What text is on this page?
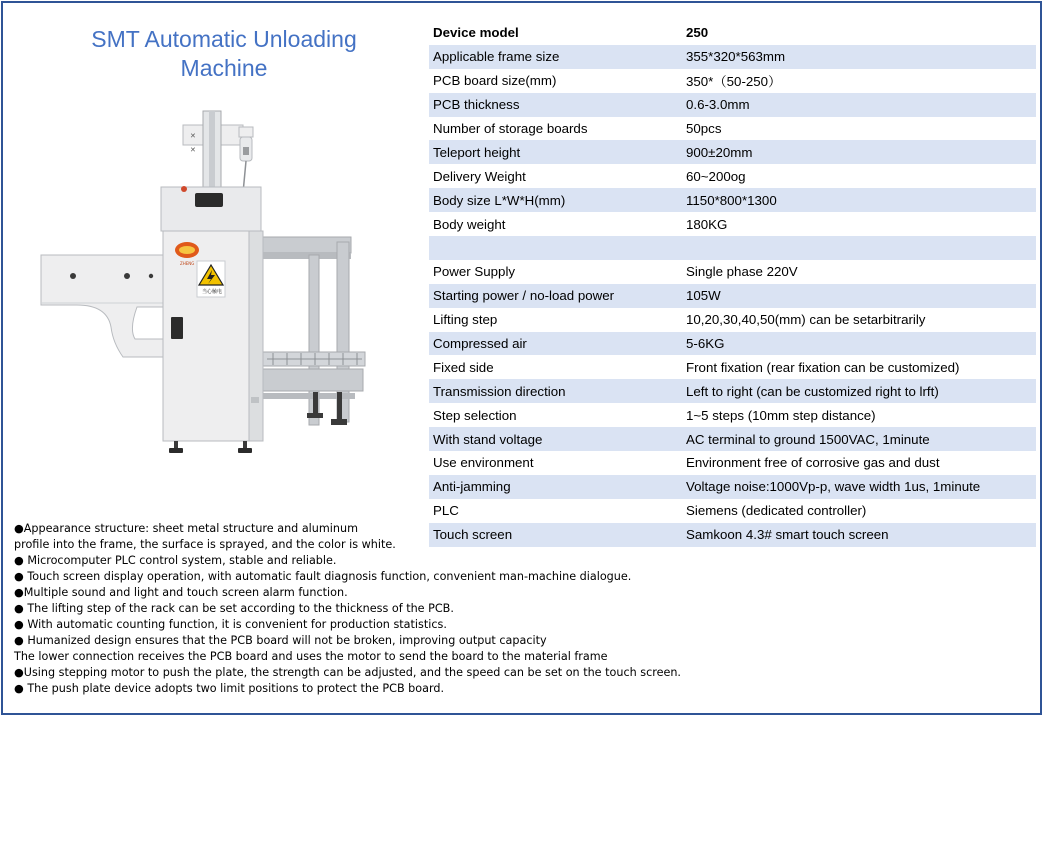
SMT Automatic Unloading
Machine
✕
✕
ZHENG
当心触电
Device model	250
Applicable frame size	355*320*563mm
PCB board size(mm)	350*（50-250）
PCB thickness	0.6-3.0mm
Number of storage boards	50pcs
Teleport height	900±20mm
Delivery Weight	60~200og
Body size L*W*H(mm)	1150*800*1300
Body weight	180KG

Power Supply	Single phase 220V
Starting power / no-load power	105W
Lifting step	10,20,30,40,50(mm) can be setarbitrarily
Compressed air	5-6KG
Fixed side	Front fixation (rear fixation can be customized)
Transmission direction	Left to right (can be customized right to lrft)
Step selection	1~5 steps (10mm step distance)
With stand voltage	AC terminal to ground 1500VAC, 1minute
Use environment	Environment free of corrosive gas and dust
Anti-jamming	Voltage noise:1000Vp-p, wave width 1us, 1minute
PLC	Siemens (dedicated controller)
Touch screen	Samkoon 4.3# smart touch screen
●Appearance structure: sheet metal structure and aluminum
profile into the frame, the surface is sprayed, and the color is white.
● Microcomputer PLC control system, stable and reliable.
● Touch screen display operation, with automatic fault diagnosis function, convenient man-machine dialogue.
●Multiple sound and light and touch screen alarm function.
● The lifting step of the rack can be set according to the thickness of the PCB.
● With automatic counting function, it is convenient for production statistics.
● Humanized design ensures that the PCB board will not be broken, improving output capacity
The lower connection receives the PCB board and uses the motor to send the board to the material frame
●Using stepping motor to push the plate, the strength can be adjusted, and the speed can be set on the touch screen.
● The push plate device adopts two limit positions to protect the PCB board.
